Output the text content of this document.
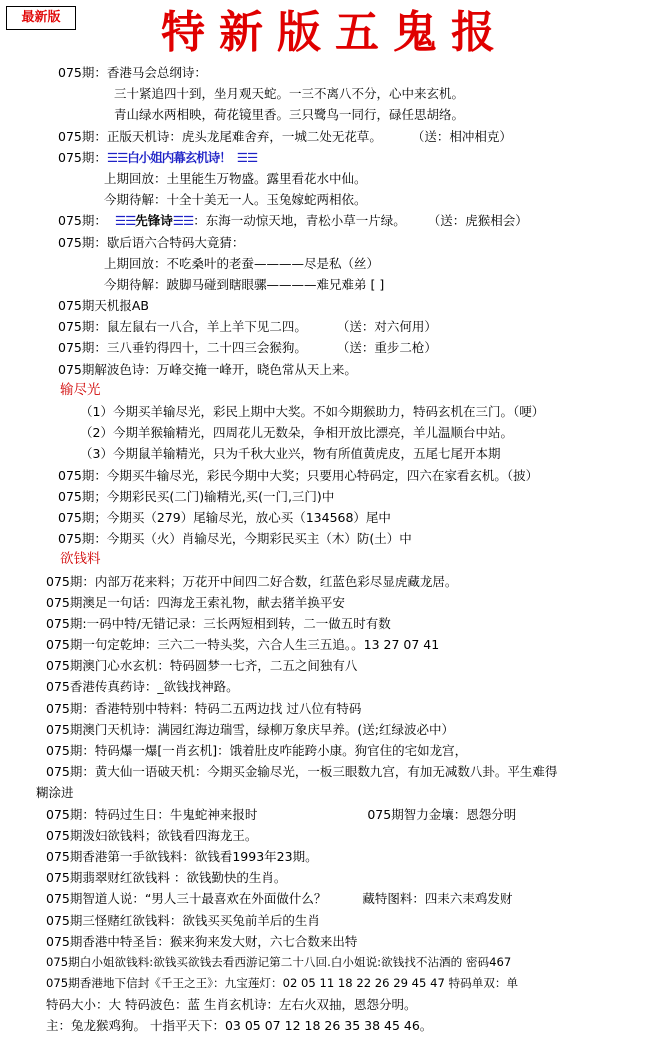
最新版	特新版五鬼报
075期：香港马会总纲诗：
三十紧追四十到，坐月观天蛇。一三不离八不分，心中来玄机。
青山绿水两相映，荷花镜里香。三只鹭鸟一同行，碌任思胡络。
075期：正版天机诗：虎头龙尾难舍弃，一城二处无花草。 （送：相冲相克）
075期：☰☰白小姐内幕玄机诗！ ☰☰
上期回放：土里能生万物盛。露里看花水中仙。
今期待解：十全十美无一人。玉兔嫁蛇两相依。
075期： ☰☰先锋诗☰☰：东海一动惊天地，青松小草一片绿。 （送：虎猴相会）
075期：歇后语六合特码大竟猜：
上期回放：不吃桑叶的老蚕————尽是私（丝）
今期待解：跛脚马碰到瞎眼骡————难兄难弟 [ ]
075期天机报AB
075期：鼠左鼠右一八合，羊上羊下见二四。 （送：对六何用）
075期：三八垂钓得四十，二十四三会猴狗。 （送：重步二枪）
075期解波色诗：万峰交掩一峰开，晓色常从天上来。
输尽光
（1）今期买羊输尽光，彩民上期中大奖。不如今期猴助力，特码玄机在三门。（哽）
（2）今期羊猴输精光，四周花儿无数朵，争相开放比漂亮，羊儿温顺台中站。
（3）今期鼠羊输精光，只为千秋大业兴，物有所值黄虎皮，五尾七尾开本期
075期：今期买牛输尽光，彩民今期中大奖；只要用心特码定，四六在家看玄机。（披）
075期；今期彩民买(二门)输精光,买(一门,三门)中
075期；今期买（279）尾输尽光，放心买（134568）尾中
075期：今期买（火）肖输尽光，今期彩民买主（木）防(土）中
欲钱料
075期：内部万花来料；万花开中间四二好合数，红蓝色彩尽显虎藏龙居。
075期澳足一句话：四海龙王索礼物，献去猪羊换平安
075期:一码中特/无错记录：三长两短相到转，二一做五时有数
075期一句定乾坤：三六二一特头奖，六合人生三五追。。13 27 07 41
075期澳门心水玄机：特码圆梦一七齐，二五之间独有八
075香港传真药诗：_欲钱找神路。
075期：香港特别中特料：特码二五两边找 过八位有特码
075期澳门天机诗：满园红海边瑞雪，绿柳万象庆早养。(送;红绿波必中）
075期：特码爆一爆[一肖玄机]：饿着肚皮咋能跨小康。狗官住的宅如龙宫，
075期：黄大仙一语破天机：今期买金输尽光，一板三眼数九宫，有加无减数八卦。平生难得
糊涂进
075期：特码过生日：牛鬼蛇神来报时	075期智力金壤：恩怨分明
075期泼妇欲钱料；欲钱看四海龙王。
075期香港第一手欲钱料：欲钱看1993年23期。
075期翡翠财红欲钱料 ：欲钱勤快的生肖。
075期智道人说：“男人三十最喜欢在外面做什么？	藏特图料：四耒六耒鸡发财
075期三怪赌红欲钱料：欲钱买买兔前羊后的生肖
075期香港中特圣旨：猴来狗来发大财，六七合数来出特
075期白小姐欲钱料:欲钱买欲钱去看西游记第二十八回.白小姐说:欲钱找不沾酒的 密码467
075期香港地下信封《千王之王》：九宝莲灯：02 05 11 18 22 26 29 45 47 特码单双：单
特码大小：大 特码波色：蓝 生肖玄机诗：左右火双抽，恩怨分明。
主：兔龙猴鸡狗。 十指平天下：03 05 07 12 18 26 35 38 45 46。
